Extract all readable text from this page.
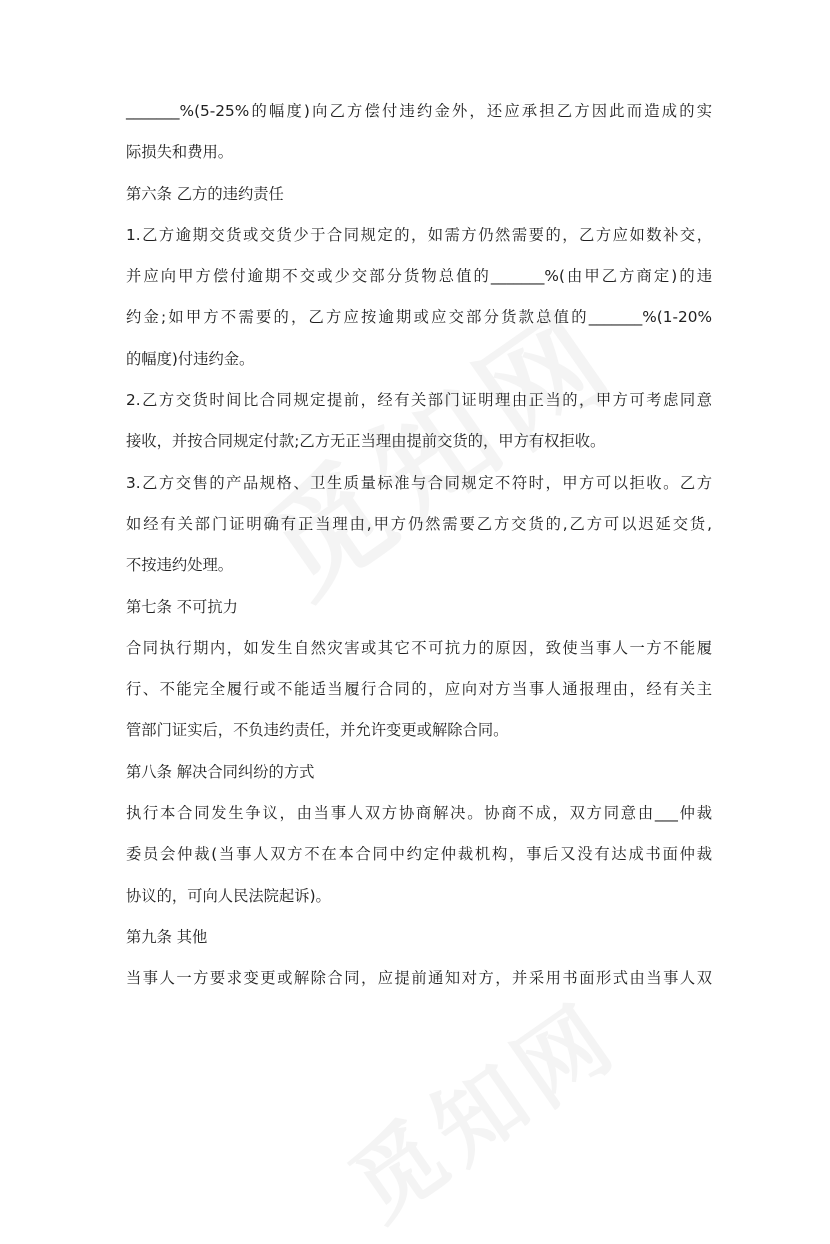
_______%(5-25%的幅度)向乙方偿付违约金外，还应承担乙方因此而造成的实
际损失和费用。
第六条 乙方的违约责任
1.乙方逾期交货或交货少于合同规定的，如需方仍然需要的，乙方应如数补交，
并应向甲方偿付逾期不交或少交部分货物总值的_______%(由甲乙方商定)的违
约金;如甲方不需要的，乙方应按逾期或应交部分货款总值的_______%(1-20%
的幅度)付违约金。
2.乙方交货时间比合同规定提前，经有关部门证明理由正当的，甲方可考虑同意
接收，并按合同规定付款;乙方无正当理由提前交货的，甲方有权拒收。
3.乙方交售的产品规格、卫生质量标准与合同规定不符时，甲方可以拒收。乙方
如经有关部门证明确有正当理由,甲方仍然需要乙方交货的,乙方可以迟延交货,
不按违约处理。
第七条 不可抗力
合同执行期内，如发生自然灾害或其它不可抗力的原因，致使当事人一方不能履
行、不能完全履行或不能适当履行合同的，应向对方当事人通报理由，经有关主
管部门证实后，不负违约责任，并允许变更或解除合同。
第八条 解决合同纠纷的方式
执行本合同发生争议，由当事人双方协商解决。协商不成，双方同意由___仲裁
委员会仲裁(当事人双方不在本合同中约定仲裁机构，事后又没有达成书面仲裁
协议的，可向人民法院起诉)。
第九条 其他
当事人一方要求变更或解除合同，应提前通知对方，并采用书面形式由当事人双
